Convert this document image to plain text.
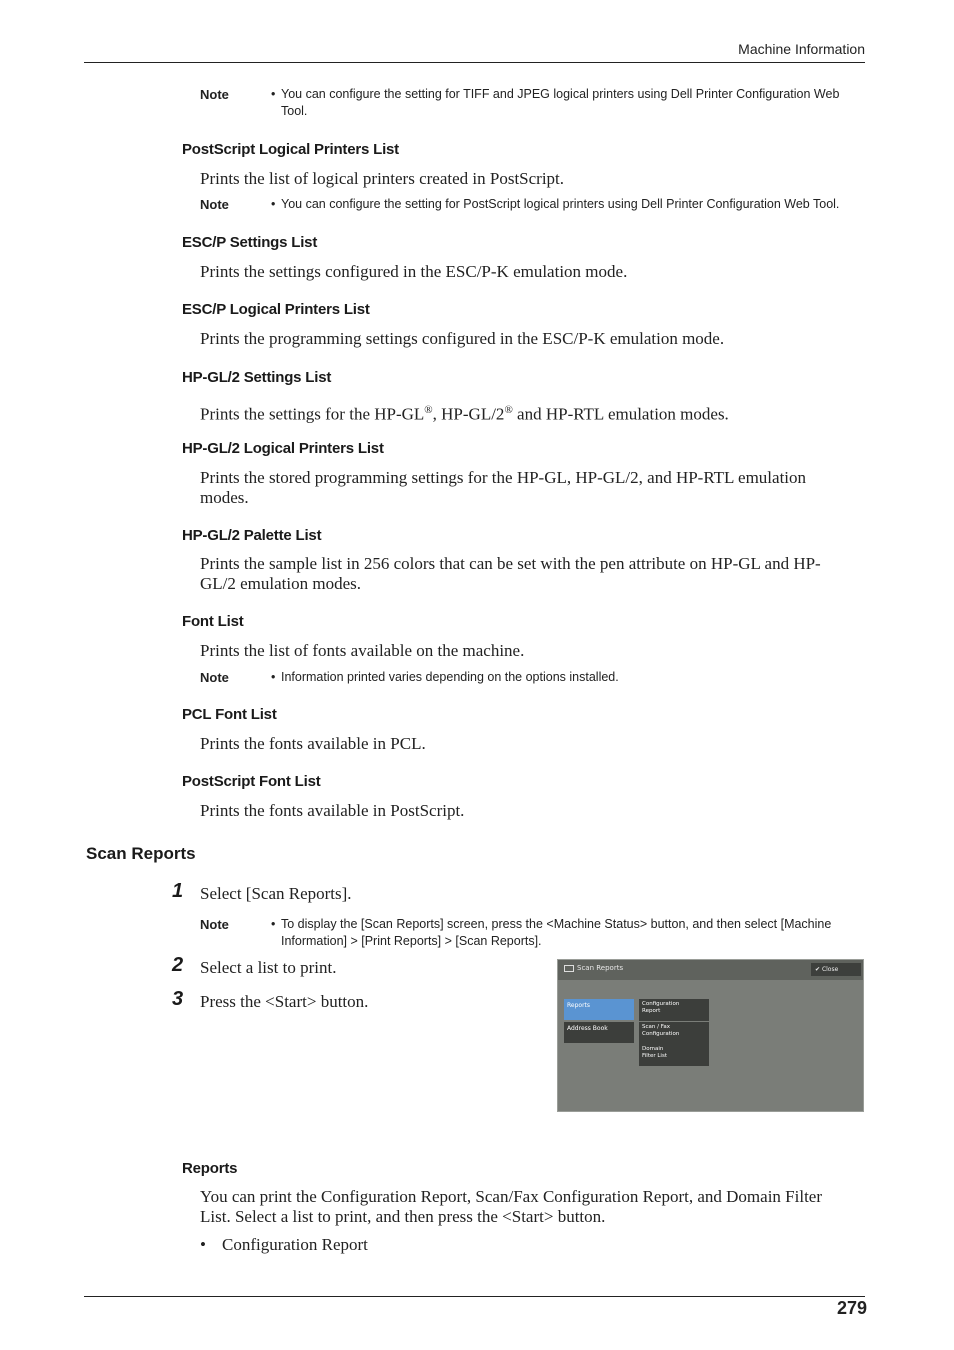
Machine Information
Note	• You can configure the setting for TIFF and JPEG logical printers using Dell Printer Configuration Web
Tool.
PostScript Logical Printers List
Prints the list of logical printers created in PostScript.
Note	• You can configure the setting for PostScript logical printers using Dell Printer Configuration Web Tool.
ESC/P Settings List
Prints the settings configured in the ESC/P-K emulation mode.
ESC/P Logical Printers List
Prints the programming settings configured in the ESC/P-K emulation mode.
HP-GL/2 Settings List
Prints the settings for the HP-GL®, HP-GL/2® and HP-RTL emulation modes.
HP-GL/2 Logical Printers List
Prints the stored programming settings for the HP-GL, HP-GL/2, and HP-RTL emulation
modes.
HP-GL/2 Palette List
Prints the sample list in 256 colors that can be set with the pen attribute on HP-GL and HP-
GL/2 emulation modes.
Font List
Prints the list of fonts available on the machine.
Note	• Information printed varies depending on the options installed.
PCL Font List
Prints the fonts available in PCL.
PostScript Font List
Prints the fonts available in PostScript.
Scan Reports
1 Select [Scan Reports].
Note	• To display the [Scan Reports] screen, press the <Machine Status> button, and then select [Machine
Information] > [Print Reports] > [Scan Reports].
2 Select a list to print.
3 Press the <Start> button.
Scan Reports	✔ Close
Reports
Address Book
Configuration
Report
Scan / Fax
Configuration
Domain
Filter List
Reports
You can print the Configuration Report, Scan/Fax Configuration Report, and Domain Filter
List. Select a list to print, and then press the <Start> button.
• Configuration Report
279
